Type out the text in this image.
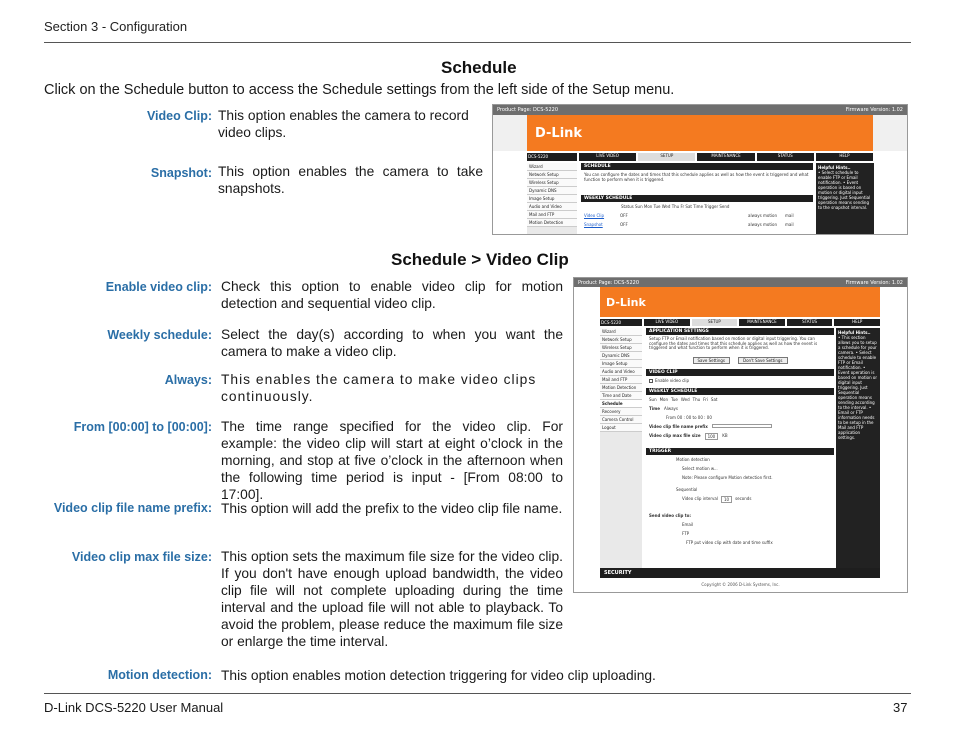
Section 3 - Configuration
Schedule
Click on the Schedule button to access the Schedule settings from the left side of the Setup menu.
Video Clip: This option enables the camera to record video clips.
Snapshot: This option enables the camera to take snapshots.
Product Page: DCS-5220	Firmware Version: 1.02
D-Link
DCS-5220	LIVE VIDEO	SETUP	MAINTENANCE	STATUS	HELP
Wizard
Network Setup
Wireless Setup
Dynamic DNS
Image Setup
Audio and Video
Mail and FTP
Motion Detection
SCHEDULE
You can configure the dates and times that this schedule applies as well as how the event is triggered and what function to perform when it is triggered.
WEEKLY SCHEDULE
Status Sun Mon Tue Wed Thu Fr Sat Time Trigger Send
Video Clip	OFF	always motion mail
Snapshot	OFF	always motion mail
Helpful Hints..
• Select schedule to enable FTP or Email notification. • Event operation is based on motion or digital input triggering. Just Sequential operation means sending to the snapshot interval.
Schedule > Video Clip
Enable video clip: Check this option to enable video clip for motion detection and sequential video clip.
Weekly schedule: Select the day(s) according to when you want the camera to make a video clip.
Always: This enables the camera to make video clips continuously.
From [00:00] to [00:00]: The time range specified for the video clip. For example: the video clip will start at eight o’clock in the morning, and stop at five o’clock in the afternoon when the following time period is input - [From 08:00 to 17:00].
Video clip file name prefix: This option will add the prefix to the video clip file name.
Video clip max file size: This option sets the maximum file size for the video clip. If you don't have enough upload bandwidth, the video clip file will not complete uploading during the time interval and the upload file will not able to playback. To avoid the problem, please reduce the maximum file size or enlarge the time interval.
Motion detection: This option enables motion detection triggering for video clip uploading.
Product Page: DCS-5220	Firmware Version: 1.02
D-Link
DCS-5220	LIVE VIDEO	SETUP	MAINTENANCE	STATUS	HELP
Wizard
Network Setup
Wireless Setup
Dynamic DNS
Image Setup
Audio and Video
Mail and FTP
Motion Detection
Time and Date
Schedule
Recovery
Camera Control
Logout
APPLICATION SETTINGS
Setup FTP or Email notification based on motion or digital input triggering. You can configure the dates and times that this schedule applies as well as how the event is triggered and what function to perform when it is triggered.
Save Settings	Don't Save Settings
VIDEO CLIP
Enable video clip
WEEKLY SCHEDULE
Sun Mon Tue Wed Thu Fri Sat
Time Always
From 00 : 00 to 00 : 00
Video clip file name prefix
Video clip max file size	100	KB
TRIGGER
Motion detection
Select motion w...
Note: Please configure Motion detection first.
Sequential
Video clip interval	10	seconds
Send video clip to:
Email
FTP
FTP put video clip with date and time suffix
Helpful Hints..
• This section allows you to setup a schedule for your camera. • Select schedule to enable FTP or Email notification. • Event operation is based on motion or digital input triggering. Just Sequential operation means sending according to the interval. • Email or FTP information needs to be setup in the Mail and FTP application settings.
SECURITY
Copyright © 2006 D-Link Systems, Inc.
D-Link DCS-5220 User Manual	37
